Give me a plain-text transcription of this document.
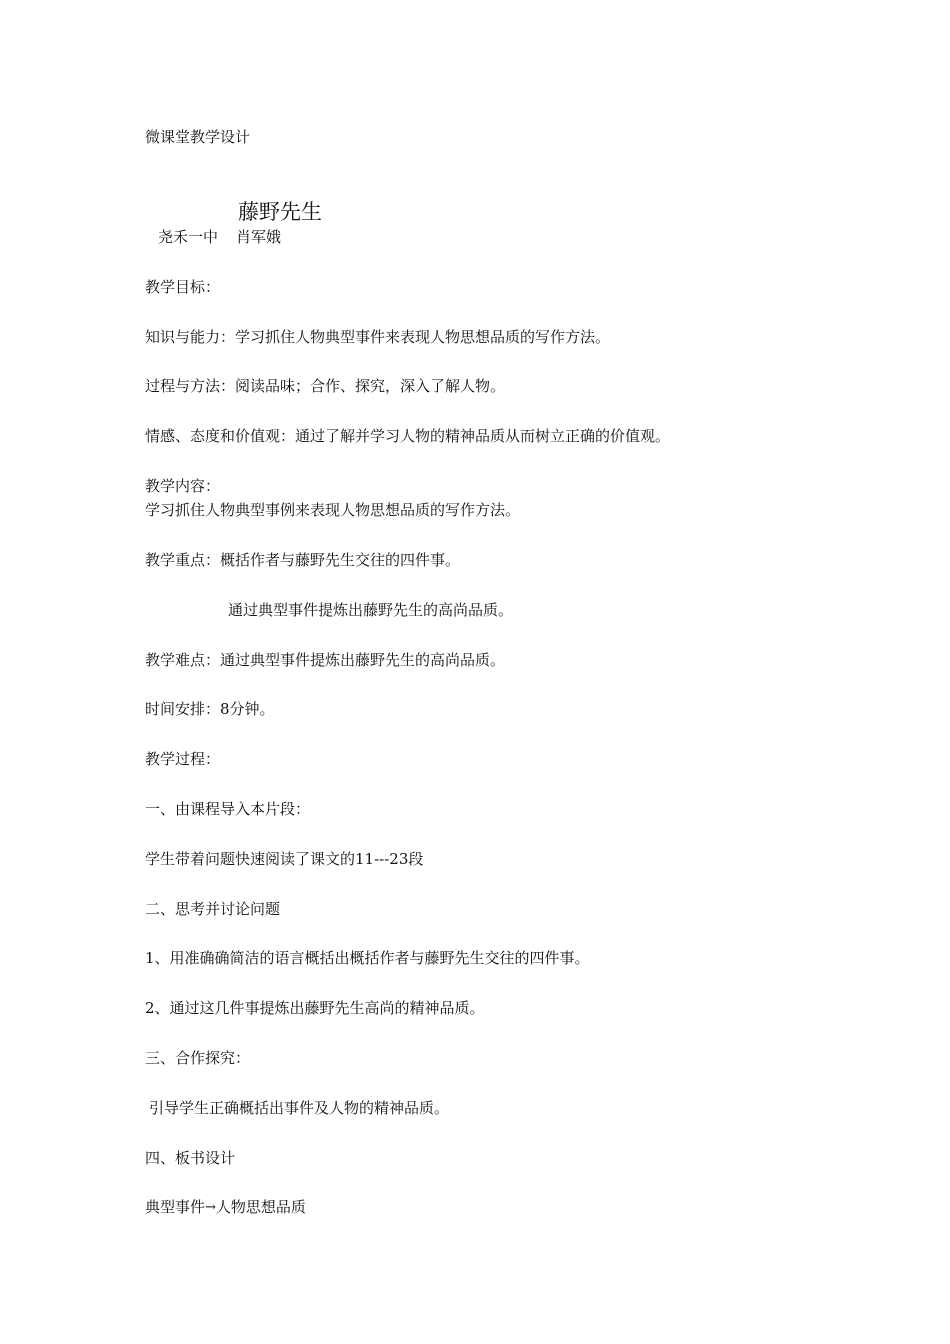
微课堂教学设计
藤野先生
尧禾一中 肖军娥
教学目标：
知识与能力：学习抓住人物典型事件来表现人物思想品质的写作方法。
过程与方法：阅读品味；合作、探究，深入了解人物。
情感、态度和价值观：通过了解并学习人物的精神品质从而树立正确的价值观。
教学内容：
学习抓住人物典型事例来表现人物思想品质的写作方法。
教学重点：概括作者与藤野先生交往的四件事。
通过典型事件提炼出藤野先生的高尚品质。
教学难点：通过典型事件提炼出藤野先生的高尚品质。
时间安排：8分钟。
教学过程：
一、由课程导入本片段：
学生带着问题快速阅读了课文的11---23段
二、思考并讨论问题
1、用准确确简洁的语言概括出概括作者与藤野先生交往的四件事。
2、通过这几件事提炼出藤野先生高尚的精神品质。
三、合作探究：
引导学生正确概括出事件及人物的精神品质。
四、板书设计
典型事件→人物思想品质
